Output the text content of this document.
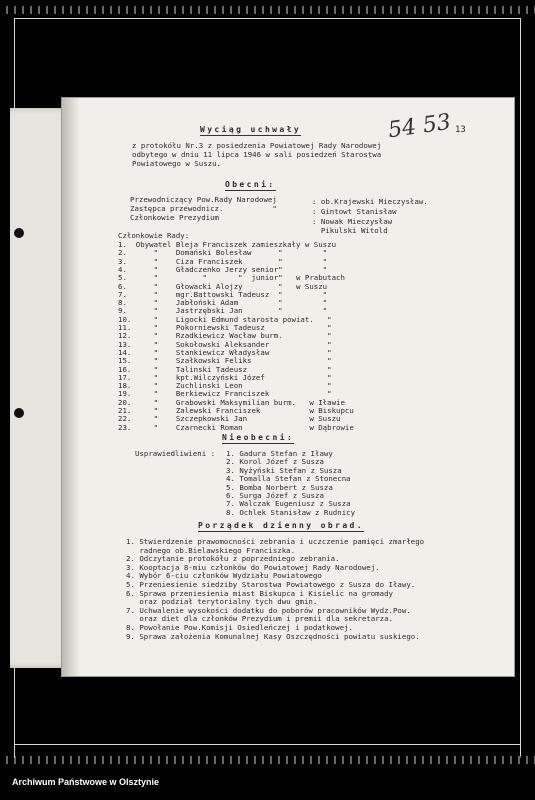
54 53 13
Wyciąg uchwały
z protokółu Nr.3 z posiedzenia Powiatowej Rady Narodowej
odbytego w dniu 11 lipca 1946 w sali posiedzeń Starostwa
Powiatowego w Suszu.
Obecni:
Przewodniczący Pow.Rady Narodowej	: ob.Krajewski Mieczysław.
Zastępca przewodnicz.           "	: Gintowt Stanisław
Członkowie Prezydium	: Nowak Mieczysław
Pikulski Witold
Członkowie Rady:
1.  Obywatel Bleja Franciszek zamieszkały w Suszu
2.      "    Domański Bolesław      "         "
3.      "    Ciza Franciszek        "         "
4.      "    Gładczenko Jerzy senior"         "
5.      "          "       "  junior"   w Prabutach
6.      "    Głowacki Alojzy        "   w Suszu
7.      "    mgr.Battowski Tadeusz  "         "
8.      "    Jabłoński Adam         "         "
9.      "    Jastrzębski Jan        "         "
10.     "    Ligocki Edmund starosta powiat.   "
11.     "    Pokorniewski Tadeusz              "
12.     "    Rzadkiewicz Wacław burm.          "
13.     "    Sokołowski Aleksander             "
14.     "    Stankiewicz Władysław             "
15.     "    Szałkowski Feliks                 "
16.     "    Talinski Tadeusz                  "
17.     "    kpt.Wilczyński Józef              "
18.     "    Zuchlinski Leon                   "
19.     "    Berkiewicz Franciszek             "
20.     "    Grabowski Maksymilian burm.   w Iławie
21.     "    Zalewski Franciszek           w Biskupcu
22.     "    Szczepkowski Jan              w Suszu
23.     "    Czarnecki Roman               w Dąbrowie
Nieobecni:
Usprawiedliwieni : 1. Gadura Stefan z Iławy
2. Korol Józef z Susza
3. Nyżyński Stefan z Susza
4. Tomalla Stefan z Stonecna
5. Bomba Norbert z Susza
6. Surga Józef z Susza
7. Walczak Eugeniusz z Susza
8. Ochlek Stanisław z Rudnicy
Porządek dzienny obrad.
1. Stwierdzenie prawomocności zebrania i uczczenie pamięci zmarłego
radnego ob.Bielawskiego Franciszka.
2. Odczytanie protokółu z poprzedniego zebrania.
3. Kooptacja 8-miu członków do Powiatowej Rady Narodowej.
4. Wybór 6-ciu członków Wydziału Powiatowego
5. Przeniesienie siedziby Starostwa Powiatowego z Susza do Iławy.
6. Sprawa przeniesienia miast Biskupca i Kisielic na gromady
oraz podział terytorialny tych dwu gmin.
7. Uchwalenie wysokości dodatku do poborów pracowników Wydz.Pow.
oraz diet dla członków Prezydium i premii dla sekretarza.
8. Powołanie Pow.Komisji Osiedleńczej i podatkowej.
9. Sprawa założenia Komunalnej Kasy Oszczędności powiatu suskiego.
Archiwum Państwowe w Olsztynie
